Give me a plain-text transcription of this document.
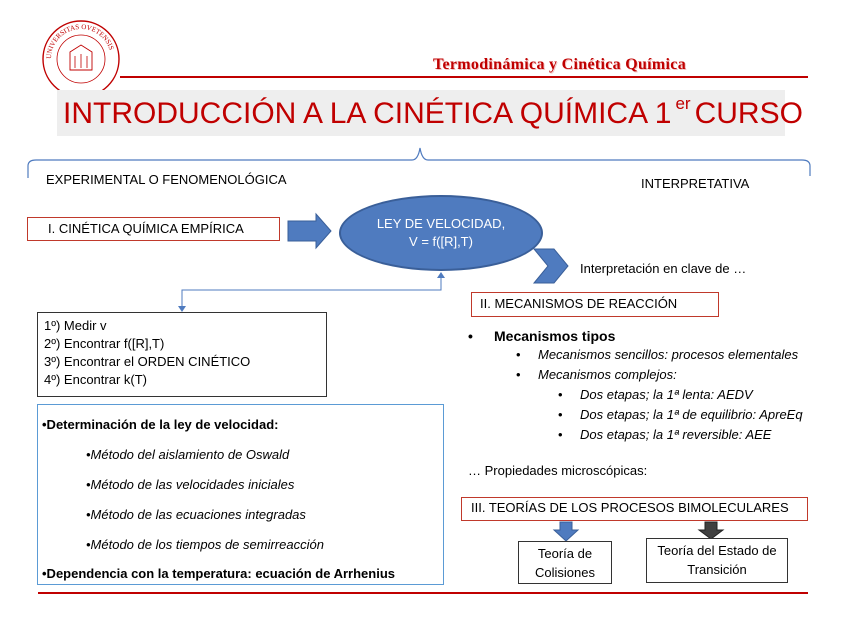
UNIVERSITAS OVETENSIS
Termodinámica y Cinética Química
INTRODUCCIÓN A LA CINÉTICA QUÍMICA 1 $^{er}$ CURSO
EXPERIMENTAL O FENOMENOLÓGICA	INTERPRETATIVA
I. CINÉTICA QUÍMICA EMPÍRICA	LEY DE VELOCIDAD,
V = f([R],T)
Interpretación en clave de …
II. MECANISMOS DE REACCIÓN
• Mecanismos tipos
• Mecanismos sencillos: procesos elementales
• Mecanismos complejos:
• Dos etapas; la 1ª lenta: AEDV
• Dos etapas; la 1ª de equilibrio: ApreEq
• Dos etapas; la 1ª reversible: AEE
1º) Medir v
2º) Encontrar f([R],T)
3º) Encontrar el ORDEN CINÉTICO
4º) Encontrar k(T)
•Determinación de la ley de velocidad:
•Método del aislamiento de Oswald
•Método de las velocidades iniciales
•Método de las ecuaciones integradas
•Método de los tiempos de semirreacción
•Dependencia con la temperatura: ecuación de Arrhenius
… Propiedades microscópicas:
III. TEORÍAS DE LOS PROCESOS BIMOLECULARES
Teoría de
Colisiones
Teoría del Estado de
Transición
